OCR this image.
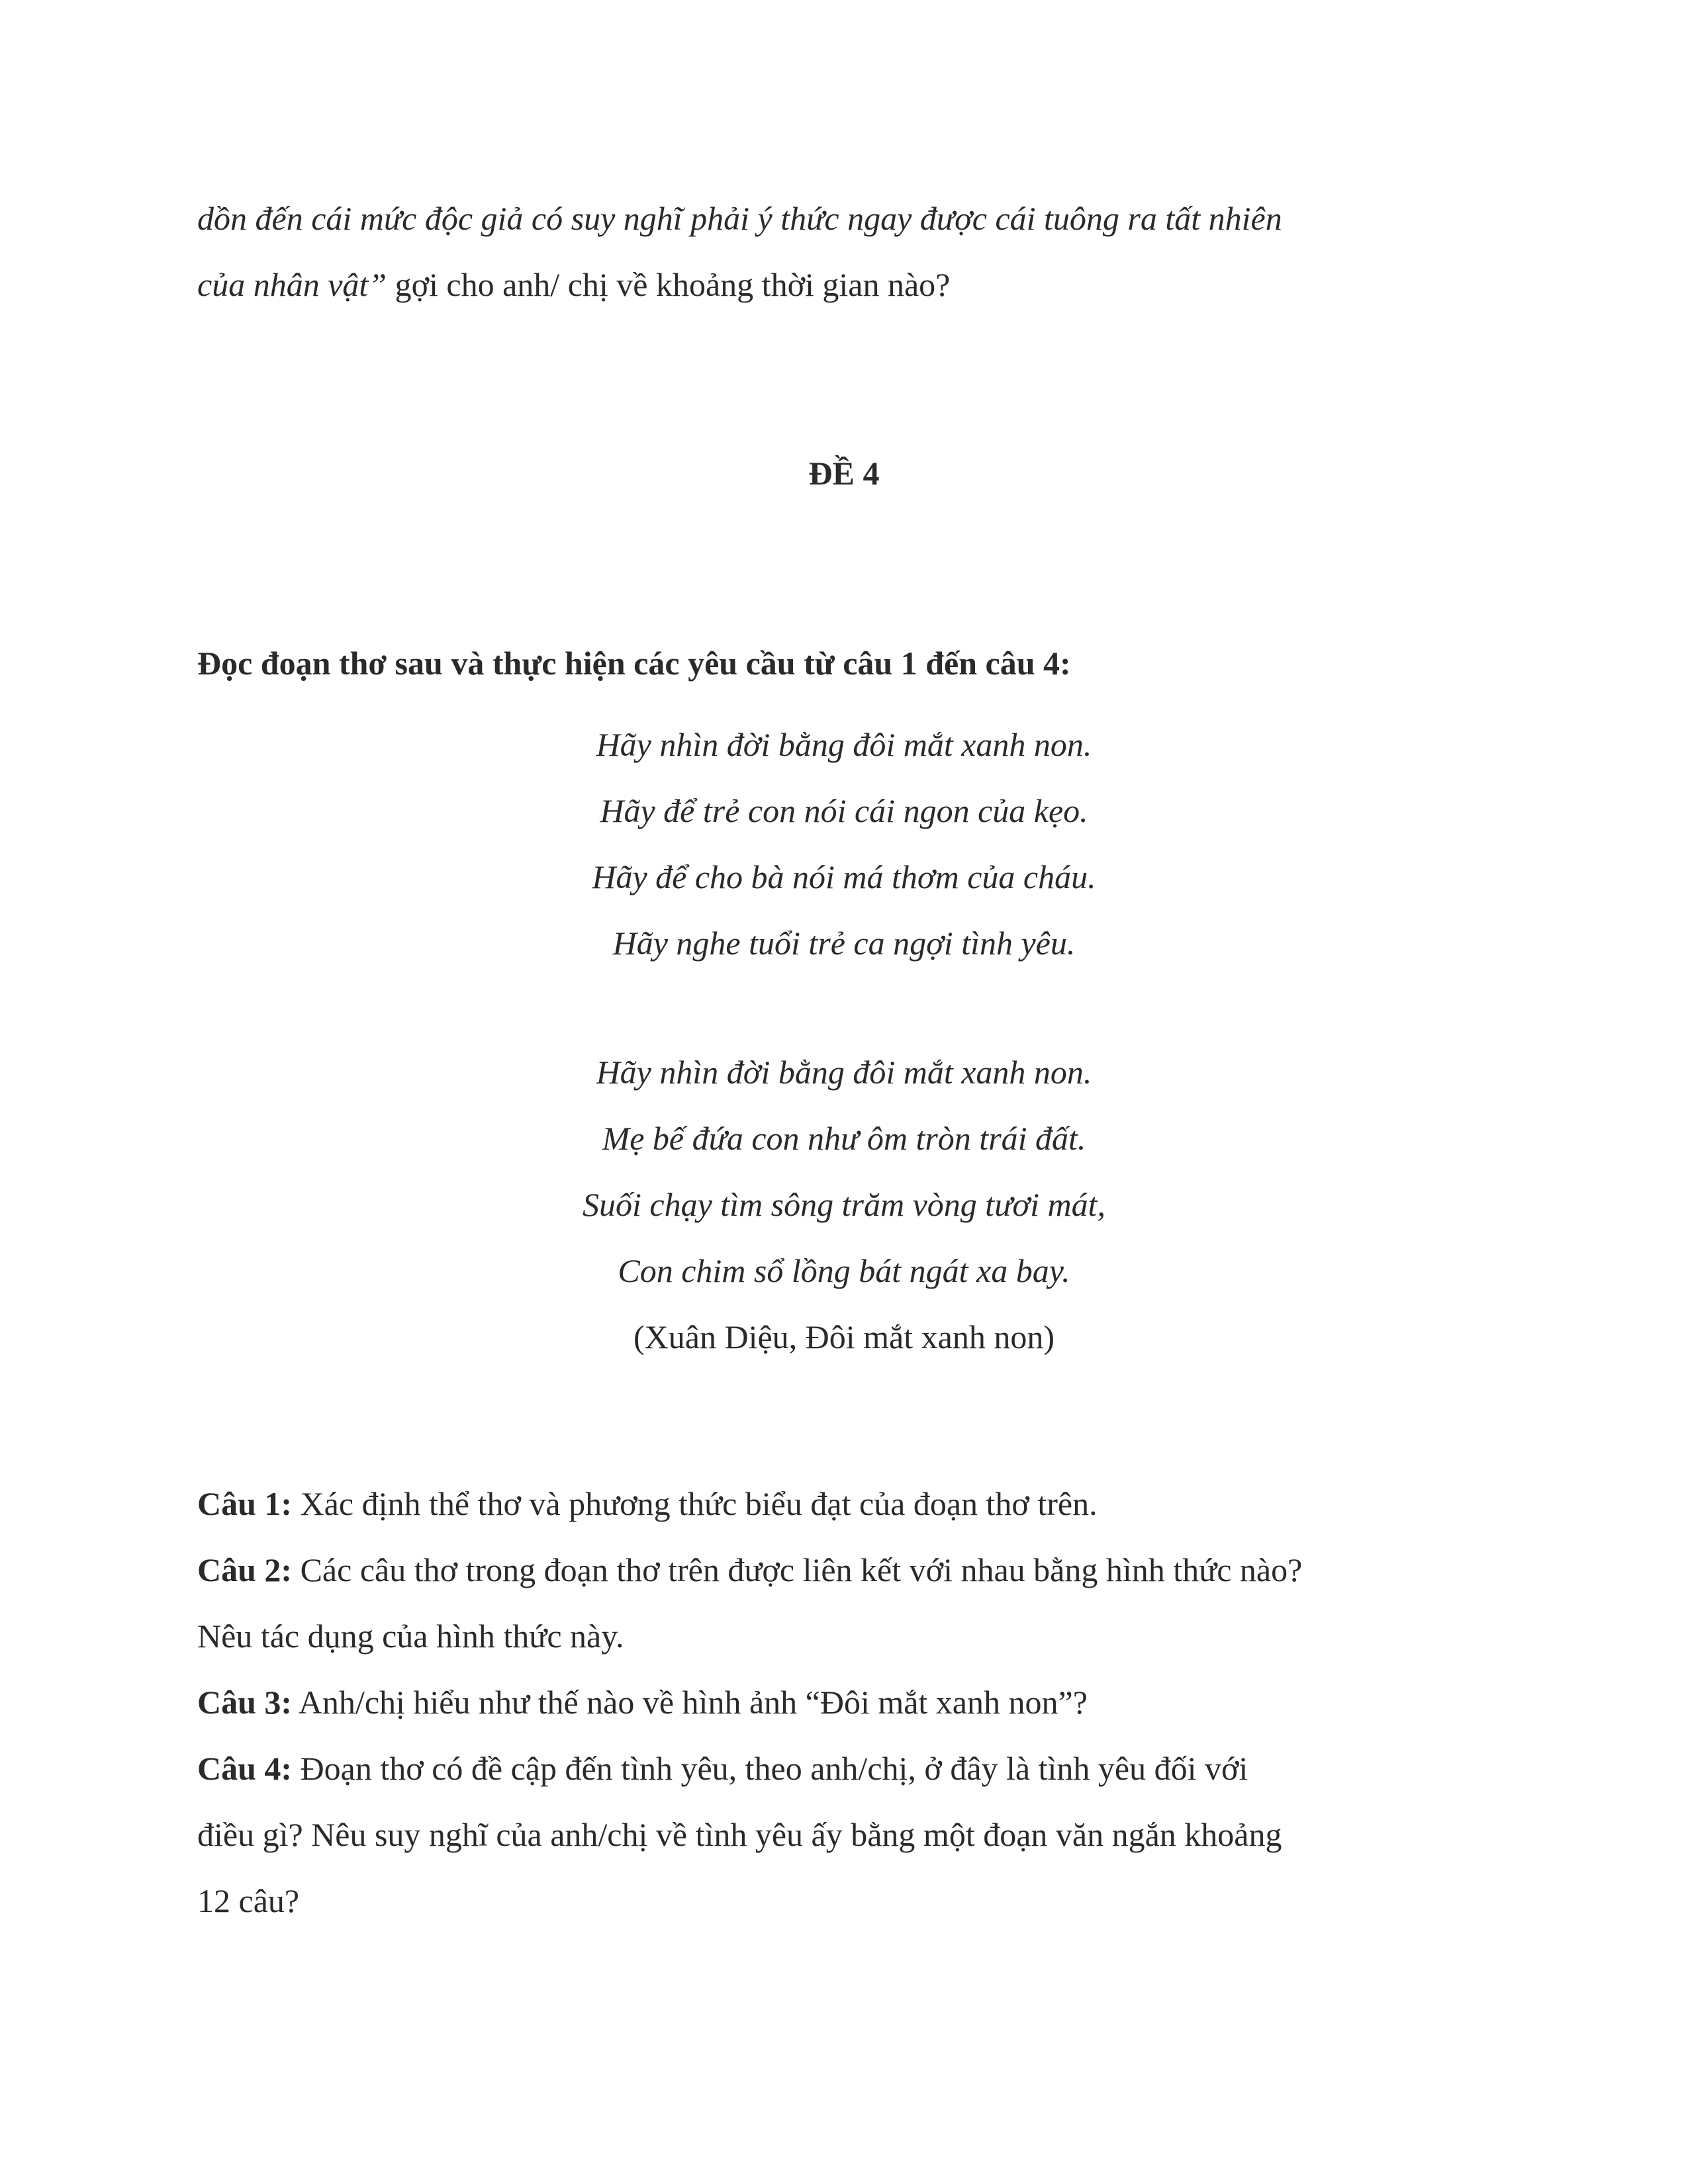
dồn đến cái mức độc giả có suy nghĩ phải ý thức ngay được cái tuông ra tất nhiên
của nhân vật” gợi cho anh/ chị về khoảng thời gian nào?
ĐỀ 4
Đọc đoạn thơ sau và thực hiện các yêu cầu từ câu 1 đến câu 4:
Hãy nhìn đời bằng đôi mắt xanh non.
Hãy để trẻ con nói cái ngon của kẹo.
Hãy để cho bà nói má thơm của cháu.
Hãy nghe tuổi trẻ ca ngợi tình yêu.
Hãy nhìn đời bằng đôi mắt xanh non.
Mẹ bế đứa con như ôm tròn trái đất.
Suối chạy tìm sông trăm vòng tươi mát,
Con chim sổ lồng bát ngát xa bay.
(Xuân Diệu, Đôi mắt xanh non)
Câu 1: Xác định thể thơ và phương thức biểu đạt của đoạn thơ trên.
Câu 2: Các câu thơ trong đoạn thơ trên được liên kết với nhau bằng hình thức nào?
Nêu tác dụng của hình thức này.
Câu 3: Anh/chị hiểu như thế nào về hình ảnh “Đôi mắt xanh non”?
Câu 4: Đoạn thơ có đề cập đến tình yêu, theo anh/chị, ở đây là tình yêu đối với
điều gì? Nêu suy nghĩ của anh/chị về tình yêu ấy bằng một đoạn văn ngắn khoảng
12 câu?
